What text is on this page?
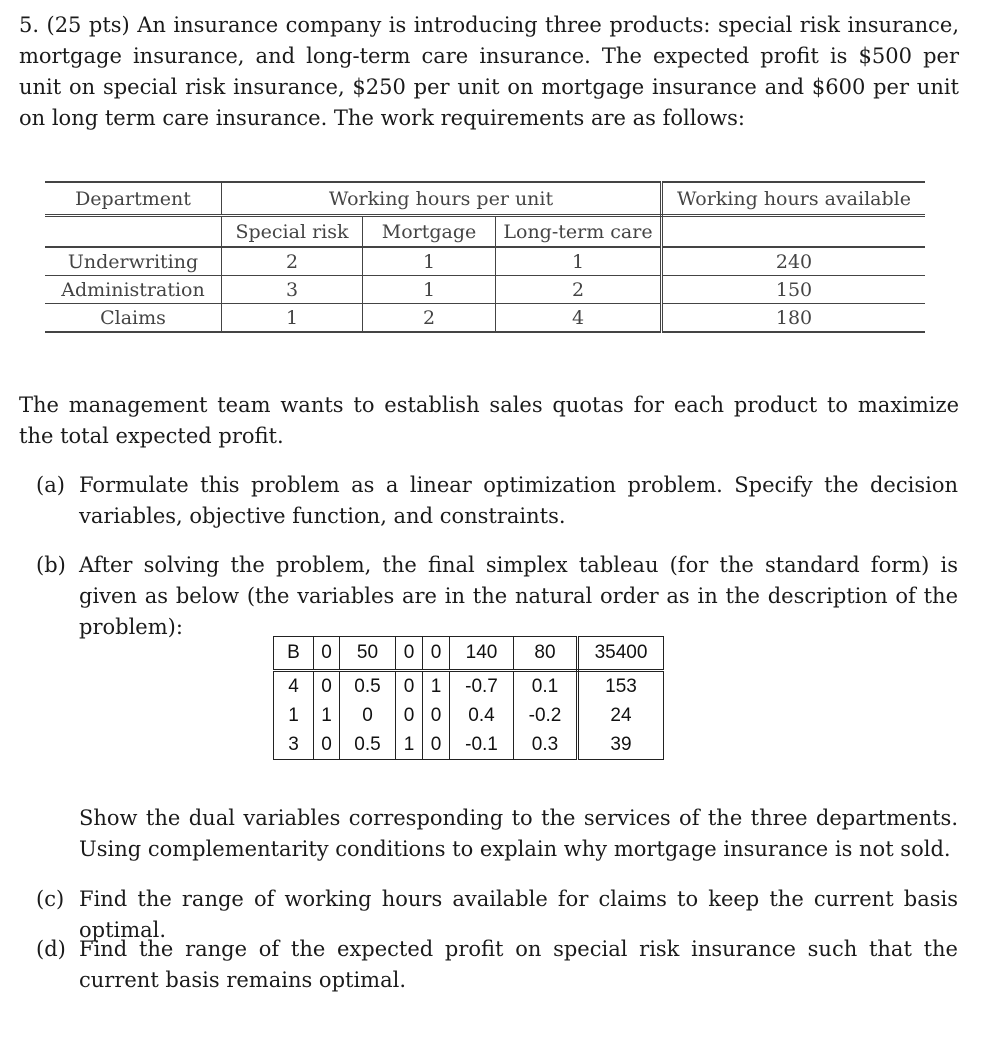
5. (25 pts) An insurance company is introducing three products: special risk insurance, mortgage insurance, and long-term care insurance. The expected profit is $500 per unit on special risk insurance, $250 per unit on mortgage insurance and $600 per unit on long term care insurance. The work requirements are as follows:
Department	Working hours per unit			Working hours available
	Special risk	Mortgage	Long-term care	
Underwriting	2	1	1	240
Administration	3	1	2	150
Claims	1	2	4	180
The management team wants to establish sales quotas for each product to maximize the total expected profit.
(a) Formulate this problem as a linear optimization problem. Specify the decision variables, objective function, and constraints.
(b) After solving the problem, the final simplex tableau (for the standard form) is given as below (the variables are in the natural order as in the description of the problem):
B	0	50	0	0	140	80	35400
4	0	0.5	0	1	-0.7	0.1	153
1	1	0	0	0	0.4	-0.2	24
3	0	0.5	1	0	-0.1	0.3	39
Show the dual variables corresponding to the services of the three departments. Using complementarity conditions to explain why mortgage insurance is not sold.
(c) Find the range of working hours available for claims to keep the current basis optimal.
(d) Find the range of the expected profit on special risk insurance such that the current basis remains optimal.
